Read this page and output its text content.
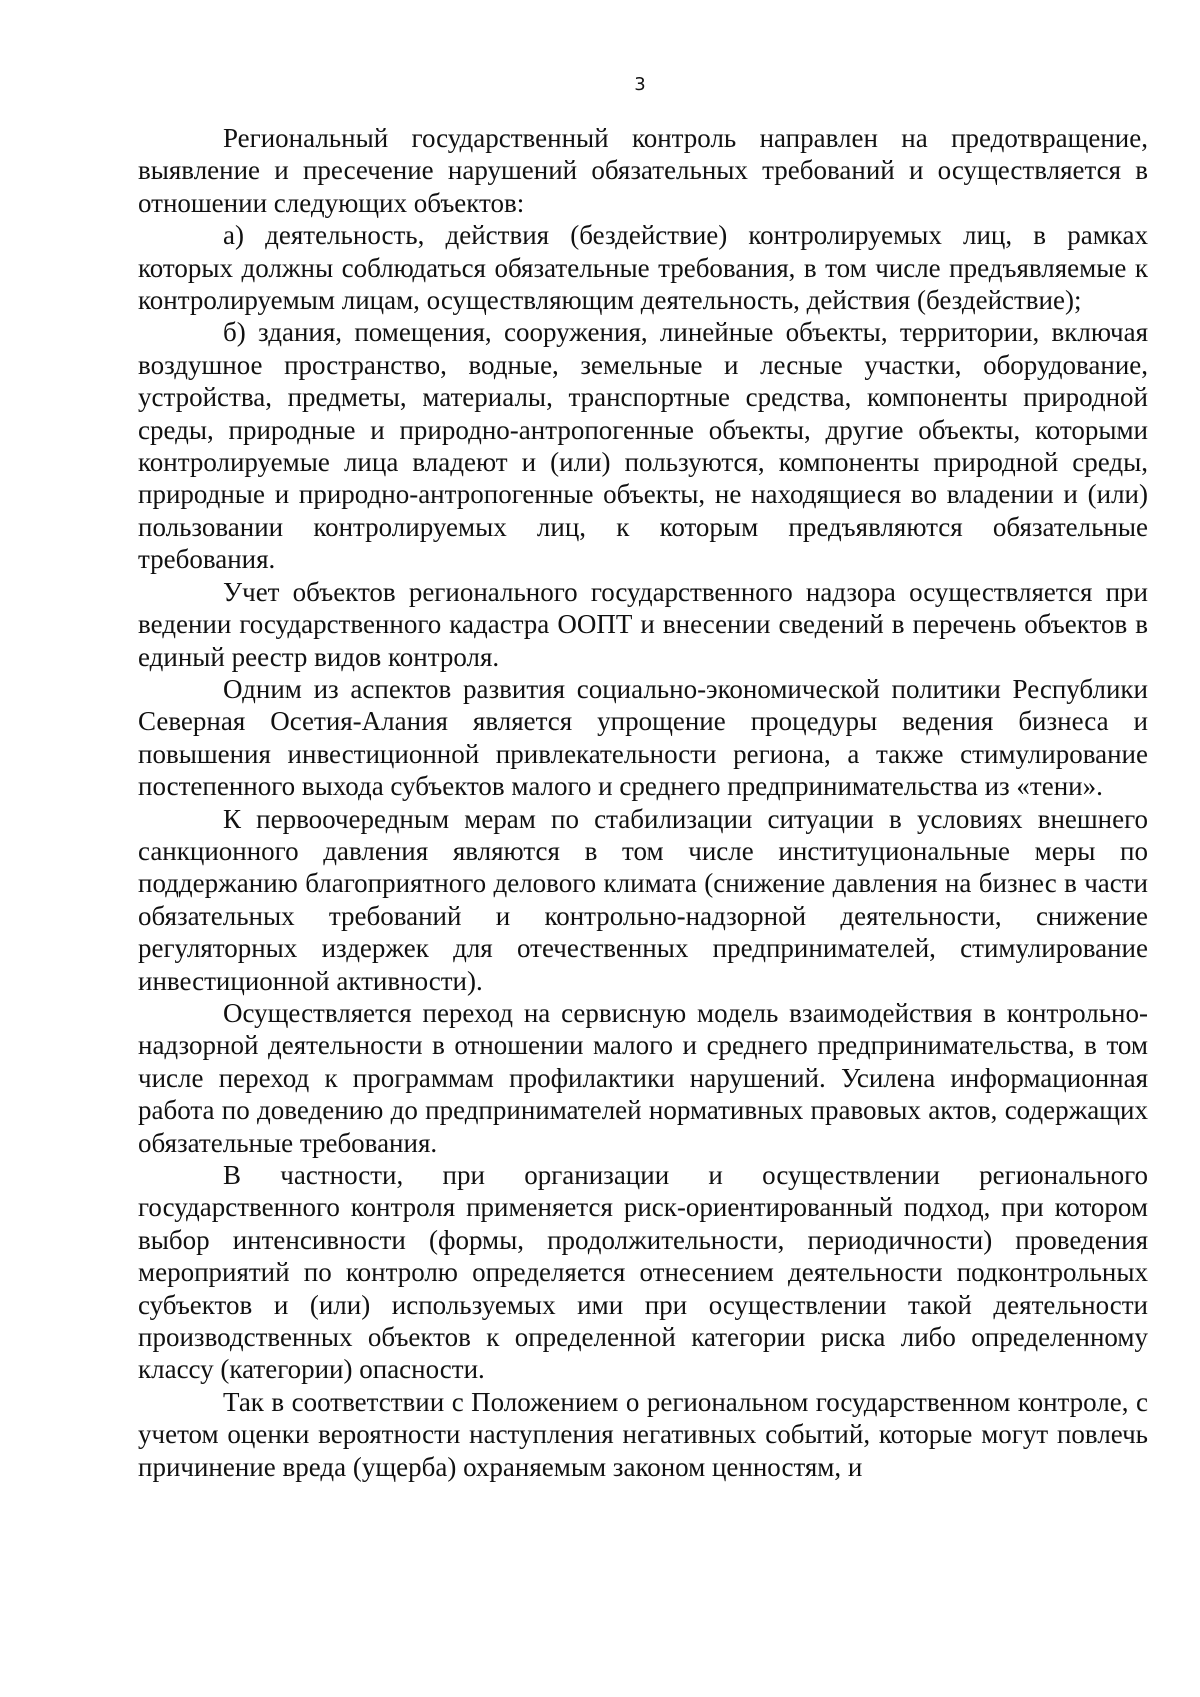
3

Региональный государственный контроль направлен на предотвращение, выявление и пресечение нарушений обязательных требований и осуществляется в отношении следующих объектов:

а) деятельность, действия (бездействие) контролируемых лиц, в рамках которых должны соблюдаться обязательные требования, в том числе предъявляемые к контролируемым лицам, осуществляющим деятельность, действия (бездействие);

б) здания, помещения, сооружения, линейные объекты, территории, включая воздушное пространство, водные, земельные и лесные участки, оборудование, устройства, предметы, материалы, транспортные средства, компоненты природной среды, природные и природно-антропогенные объекты, другие объекты, которыми контролируемые лица владеют и (или) пользуются, компоненты природной среды, природные и природно-антропогенные объекты, не находящиеся во владении и (или) пользовании контролируемых лиц, к которым предъявляются обязательные требования.

Учет объектов регионального государственного надзора осуществляется при ведении государственного кадастра ООПТ и внесении сведений в перечень объектов в единый реестр видов контроля.

Одним из аспектов развития социально-экономической политики Республики Северная Осетия-Алания является упрощение процедуры ведения бизнеса и повышения инвестиционной привлекательности региона, а также стимулирование постепенного выхода субъектов малого и среднего предпринимательства из «тени».

К первоочередным мерам по стабилизации ситуации в условиях внешнего санкционного давления являются в том числе институциональные меры по поддержанию благоприятного делового климата (снижение давления на бизнес в части обязательных требований и контрольно-надзорной деятельности, снижение регуляторных издержек для отечественных предпринимателей, стимулирование инвестиционной активности).

Осуществляется переход на сервисную модель взаимодействия в контрольно-надзорной деятельности в отношении малого и среднего предпринимательства, в том числе переход к программам профилактики нарушений. Усилена информационная работа по доведению до предпринимателей нормативных правовых актов, содержащих обязательные требования.

В частности, при организации и осуществлении регионального государственного контроля применяется риск-ориентированный подход, при котором выбор интенсивности (формы, продолжительности, периодичности) проведения мероприятий по контролю определяется отнесением деятельности подконтрольных субъектов и (или) используемых ими при осуществлении такой деятельности производственных объектов к определенной категории риска либо определенному классу (категории) опасности.

Так в соответствии с Положением о региональном государственном контроле, с учетом оценки вероятности наступления негативных событий, которые могут повлечь причинение вреда (ущерба) охраняемым законом ценностям, и
